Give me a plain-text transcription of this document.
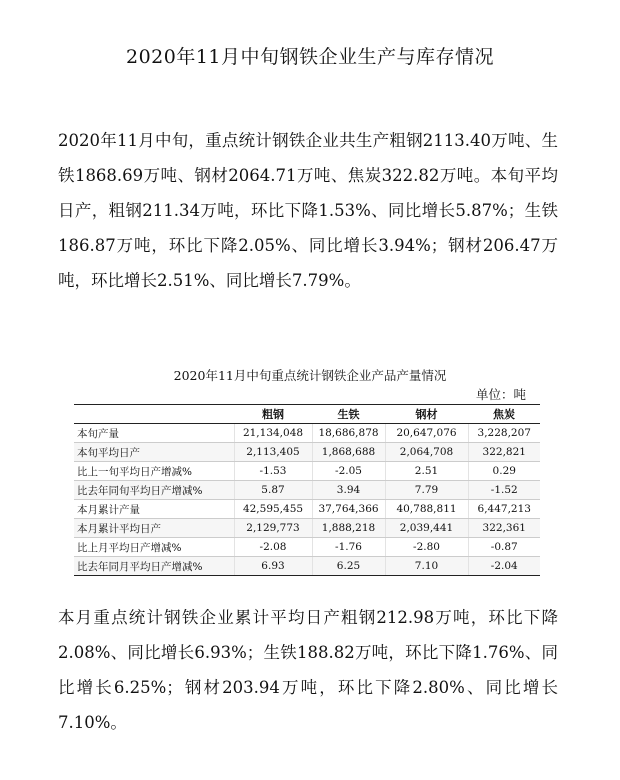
2020年11月中旬钢铁企业生产与库存情况

2020年11月中旬，重点统计钢铁企业共生产粗钢2113.40万吨、生铁1868.69万吨、钢材2064.71万吨、焦炭322.82万吨。本旬平均日产，粗钢211.34万吨，环比下降1.53%、同比增长5.87%；生铁186.87万吨，环比下降2.05%、同比增长3.94%；钢材206.47万吨，环比增长2.51%、同比增长7.79%。

2020年11月中旬重点统计钢铁企业产品产量情况
单位：吨
	粗钢	生铁	钢材	焦炭
本旬产量	21,134,048	18,686,878	20,647,076	3,228,207
本旬平均日产	2,113,405	1,868,688	2,064,708	322,821
比上一旬平均日产增减%	-1.53	-2.05	2.51	0.29
比去年同旬平均日产增减%	5.87	3.94	7.79	-1.52
本月累计产量	42,595,455	37,764,366	40,788,811	6,447,213
本月累计平均日产	2,129,773	1,888,218	2,039,441	322,361
比上月平均日产增减%	-2.08	-1.76	-2.80	-0.87
比去年同月平均日产增减%	6.93	6.25	7.10	-2.04

本月重点统计钢铁企业累计平均日产粗钢212.98万吨，环比下降2.08%、同比增长6.93%；生铁188.82万吨，环比下降1.76%、同比增长6.25%；钢材203.94万吨，环比下降2.80%、同比增长7.10%。
